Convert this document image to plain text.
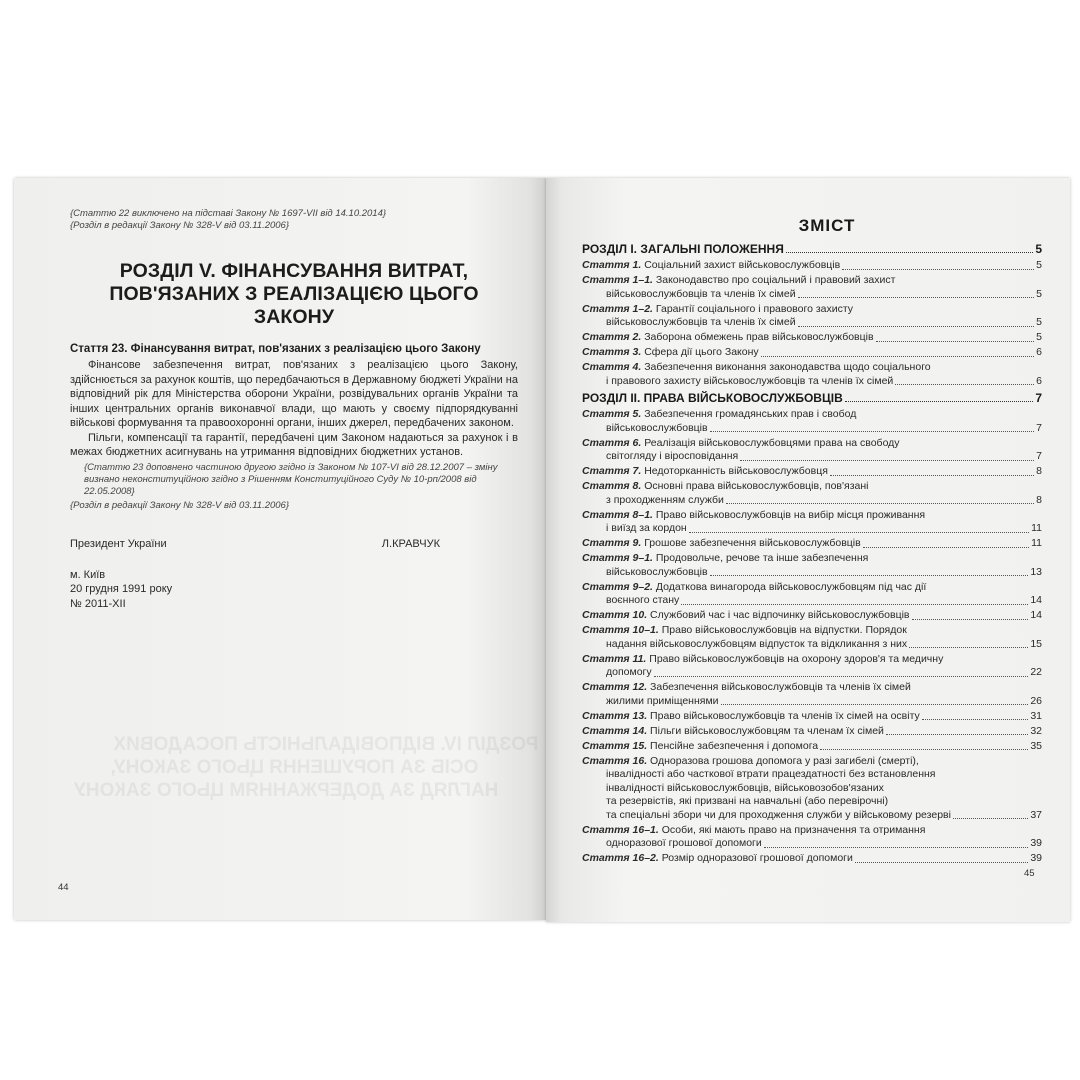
РОЗДІЛ IV. ВІДПОВІДАЛЬНІСТЬ ПОСАДОВИХ
ОСІБ ЗА ПОРУШЕННЯ ЦЬОГО ЗАКОНУ,
НАГЛЯД ЗА ДОДЕРЖАННЯМ ЦЬОГО ЗАКОНУ

{Статтю 22 виключено на підставі Закону № 1697-VII від 14.10.2014}

{Розділ в редакції Закону № 328-V від 03.11.2006}

РОЗДІЛ V. ФІНАНСУВАННЯ ВИТРАТ,
ПОВ'ЯЗАНИХ З РЕАЛІЗАЦІЄЮ ЦЬОГО ЗАКОНУ

Стаття 23. Фінансування витрат, пов'язаних з реалізацією цього Закону

Фінансове забезпечення витрат, пов'язаних з реалізацією цього Закону, здійснюється за рахунок коштів, що передбачаються в Державному бюджеті України на відповідний рік для Міністерства оборони України, розвідувальних органів України та інших центральних органів виконавчої влади, що мають у своєму підпорядкуванні військові формування та правоохоронні органи, інших джерел, передбачених законом.

Пільги, компенсації та гарантії, передбачені цим Законом надаються за рахунок і в межах бюджетних асигнувань на утримання відповідних бюджетних установ.

{Статтю 23 доповнено частиною другою згідно із Законом № 107-VI від 28.12.2007 – зміну визнано неконституційною згідно з Рішенням Конституційного Суду № 10-рп/2008 від 22.05.2008}

{Розділ в редакції Закону № 328-V від 03.11.2006}

Президент України	Л.КРАВЧУК
м. Київ
20 грудня 1991 року
№ 2011-XII
44
ЗМІСТ
РОЗДІЛ І. ЗАГАЛЬНІ ПОЛОЖЕННЯ	5
Стаття 1. Соціальний захист військовослужбовців	5
Стаття 1–1. Законодавство про соціальний і правовий захист
військовослужбовців та членів їх сімей	5
Стаття 1–2. Гарантії соціального і правового захисту
військовослужбовців та членів їх сімей	5
Стаття 2. Заборона обмежень прав військовослужбовців	5
Стаття 3. Сфера дії цього Закону	6
Стаття 4. Забезпечення виконання законодавства щодо соціального
і правового захисту військовослужбовців та членів їх сімей	6
РОЗДІЛ ІІ. ПРАВА ВІЙСЬКОВОСЛУЖБОВЦІВ	7
Стаття 5. Забезпечення громадянських прав і свобод
військовослужбовців	7
Стаття 6. Реалізація військовослужбовцями права на свободу
світогляду і віросповідання	7
Стаття 7. Недоторканність військовослужбовця	8
Стаття 8. Основні права військовослужбовців, пов'язані
з проходженням служби	8
Стаття 8–1. Право військовослужбовців на вибір місця проживання
і виїзд за кордон	11
Стаття 9. Грошове забезпечення військовослужбовців	11
Стаття 9–1. Продовольче, речове та інше забезпечення
військовослужбовців	13
Стаття 9–2. Додаткова винагорода військовослужбовцям під час дії
воєнного стану	14
Стаття 10. Службовий час і час відпочинку військовослужбовців	14
Стаття 10–1. Право військовослужбовців на відпустки. Порядок
надання військовослужбовцям відпусток та відкликання з них	15
Стаття 11. Право військовослужбовців на охорону здоров'я та медичну
допомогу	22
Стаття 12. Забезпечення військовослужбовців та членів їх сімей
жилими приміщеннями	26
Стаття 13. Право військовослужбовців та членів їх сімей на освіту	31
Стаття 14. Пільги військовослужбовцям та членам їх сімей	32
Стаття 15. Пенсійне забезпечення і допомога	35
Стаття 16. Одноразова грошова допомога у разі загибелі (смерті),
інвалідності або часткової втрати працездатності без встановлення
інвалідності військовослужбовців, військовозобов'язаних
та резервістів, які призвані на навчальні (або перевірочні)
та спеціальні збори чи для проходження служби у військовому резерві	37
Стаття 16–1. Особи, які мають право на призначення та отримання
одноразової грошової допомоги	39
Стаття 16–2. Розмір одноразової грошової допомоги	39
45
